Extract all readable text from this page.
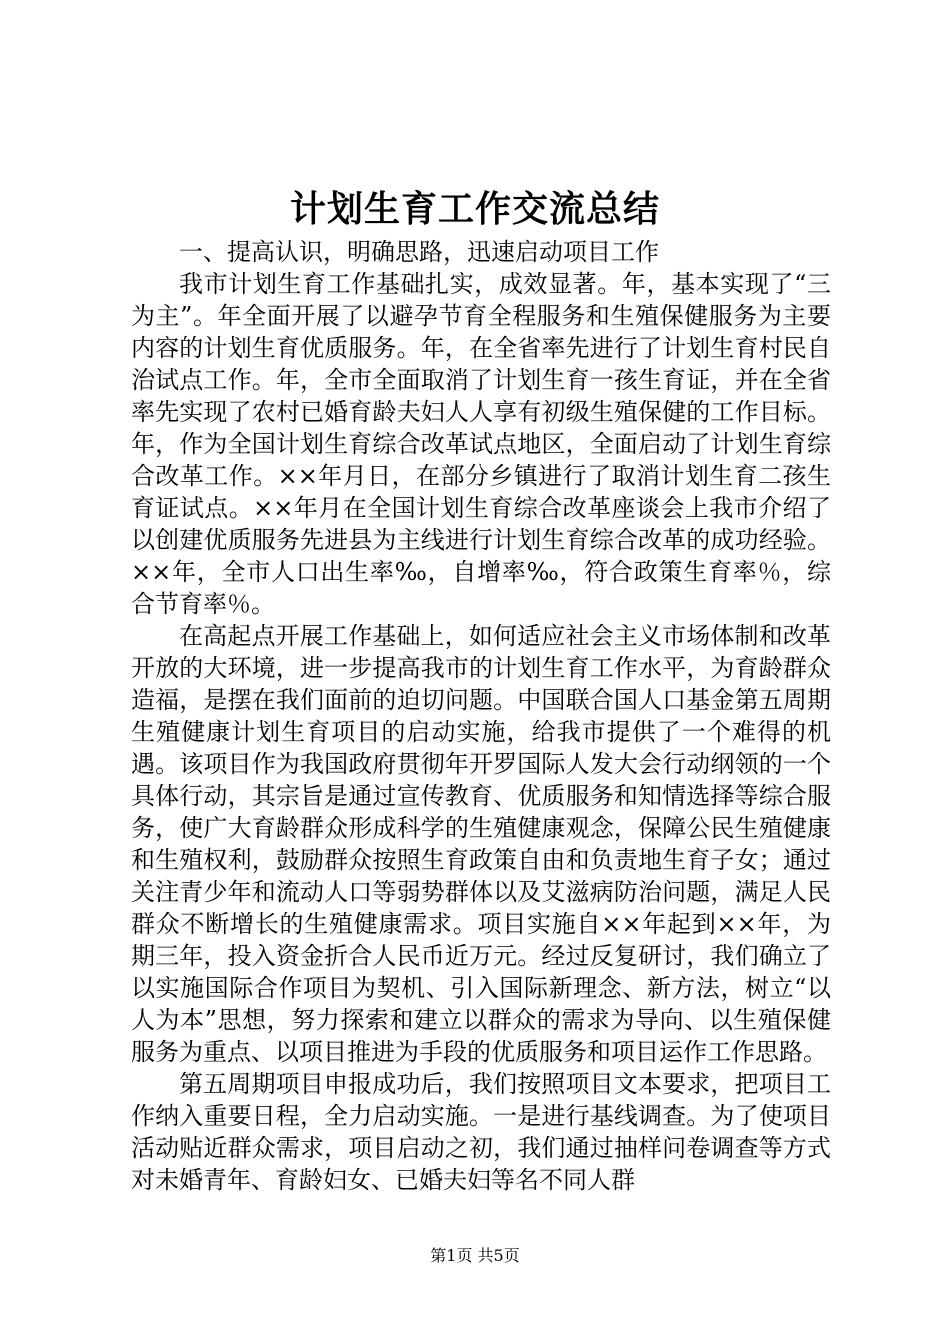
计划生育工作交流总结

一、提高认识，明确思路，迅速启动项目工作

我市计划生育工作基础扎实，成效显著。年，基本实现了“三为主”。年全面开展了以避孕节育全程服务和生殖保健服务为主要内容的计划生育优质服务。年，在全省率先进行了计划生育村民自治试点工作。年，全市全面取消了计划生育一孩生育证，并在全省率先实现了农村已婚育龄夫妇人人享有初级生殖保健的工作目标。年，作为全国计划生育综合改革试点地区，全面启动了计划生育综合改革工作。××年月日，在部分乡镇进行了取消计划生育二孩生育证试点。××年月在全国计划生育综合改革座谈会上我市介绍了以创建优质服务先进县为主线进行计划生育综合改革的成功经验。××年，全市人口出生率‰，自增率‰，符合政策生育率％，综合节育率％。

在高起点开展工作基础上，如何适应社会主义市场体制和改革开放的大环境，进一步提高我市的计划生育工作水平，为育龄群众造福，是摆在我们面前的迫切问题。中国联合国人口基金第五周期生殖健康计划生育项目的启动实施，给我市提供了一个难得的机遇。该项目作为我国政府贯彻年开罗国际人发大会行动纲领的一个具体行动，其宗旨是通过宣传教育、优质服务和知情选择等综合服务，使广大育龄群众形成科学的生殖健康观念，保障公民生殖健康和生殖权利，鼓励群众按照生育政策自由和负责地生育子女；通过关注青少年和流动人口等弱势群体以及艾滋病防治问题，满足人民群众不断增长的生殖健康需求。项目实施自××年起到××年，为期三年，投入资金折合人民币近万元。经过反复研讨，我们确立了以实施国际合作项目为契机、引入国际新理念、新方法，树立“以人为本”思想，努力探索和建立以群众的需求为导向、以生殖保健服务为重点、以项目推进为手段的优质服务和项目运作工作思路。

第五周期项目申报成功后，我们按照项目文本要求，把项目工作纳入重要日程，全力启动实施。一是进行基线调查。为了使项目活动贴近群众需求，项目启动之初，我们通过抽样问卷调查等方式对未婚青年、育龄妇女、已婚夫妇等名不同人群

第1页 共5页
